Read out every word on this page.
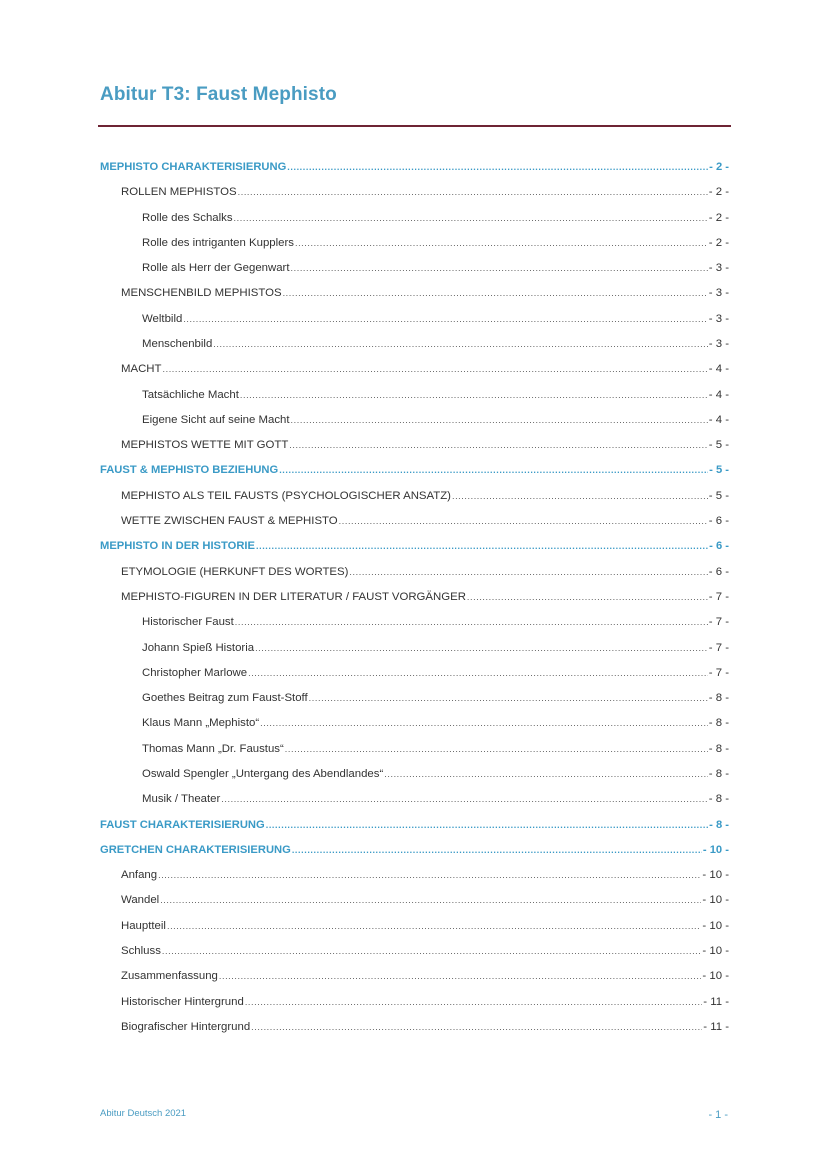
Abitur T3: Faust Mephisto
MEPHISTO CHARAKTERISIERUNG .....	- 2 -
ROLLEN MEPHISTOS .....	- 2 -
Rolle des Schalks .....	- 2 -
Rolle des intriganten Kupplers .....	- 2 -
Rolle als Herr der Gegenwart .....	- 3 -
MENSCHENBILD MEPHISTOS .....	- 3 -
Weltbild .....	- 3 -
Menschenbild .....	- 3 -
MACHT .....	- 4 -
Tatsächliche Macht .....	- 4 -
Eigene Sicht auf seine Macht .....	- 4 -
MEPHISTOS WETTE MIT GOTT .....	- 5 -
FAUST & MEPHISTO BEZIEHUNG .....	- 5 -
MEPHISTO ALS TEIL FAUSTS (PSYCHOLOGISCHER ANSATZ) .....	- 5 -
WETTE ZWISCHEN FAUST & MEPHISTO .....	- 6 -
MEPHISTO IN DER HISTORIE .....	- 6 -
ETYMOLOGIE (HERKUNFT DES WORTES) .....	- 6 -
MEPHISTO-FIGUREN IN DER LITERATUR / FAUST VORGÄNGER .....	- 7 -
Historischer Faust .....	- 7 -
Johann Spieß Historia .....	- 7 -
Christopher Marlowe .....	- 7 -
Goethes Beitrag zum Faust-Stoff .....	- 8 -
Klaus Mann „Mephisto“ .....	- 8 -
Thomas Mann „Dr. Faustus“ .....	- 8 -
Oswald Spengler „Untergang des Abendlandes“ .....	- 8 -
Musik / Theater .....	- 8 -
FAUST CHARAKTERISIERUNG .....	- 8 -
GRETCHEN CHARAKTERISIERUNG .....	- 10 -
Anfang .....	- 10 -
Wandel .....	- 10 -
Hauptteil .....	- 10 -
Schluss .....	- 10 -
Zusammenfassung .....	- 10 -
Historischer Hintergrund .....	- 11 -
Biografischer Hintergrund .....	- 11 -
Abitur Deutsch 2021	- 1 -
